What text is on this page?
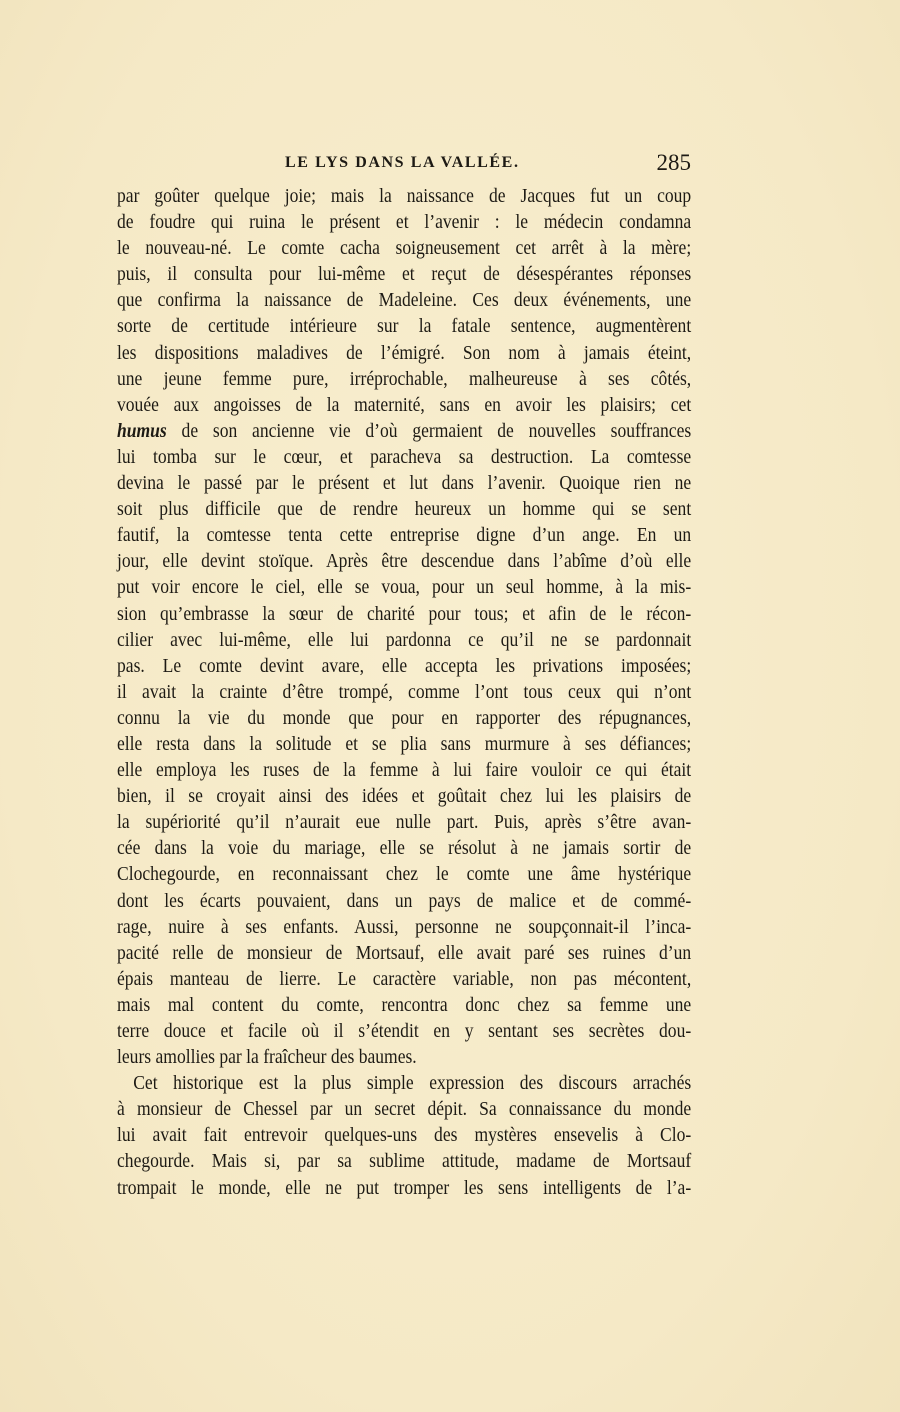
LE LYS DANS LA VALLÉE.	285
par goûter quelque joie; mais la naissance de Jacques fut un coup
de foudre qui ruina le présent et l’avenir : le médecin condamna
le nouveau-né. Le comte cacha soigneusement cet arrêt à la mère;
puis, il consulta pour lui-même et reçut de désespérantes réponses
que confirma la naissance de Madeleine. Ces deux événements, une
sorte de certitude intérieure sur la fatale sentence, augmentèrent
les dispositions maladives de l’émigré. Son nom à jamais éteint,
une jeune femme pure, irréprochable, malheureuse à ses côtés,
vouée aux angoisses de la maternité, sans en avoir les plaisirs; cet
humus de son ancienne vie d’où germaient de nouvelles souffrances
lui tomba sur le cœur, et paracheva sa destruction. La comtesse
devina le passé par le présent et lut dans l’avenir. Quoique rien ne
soit plus difficile que de rendre heureux un homme qui se sent
fautif, la comtesse tenta cette entreprise digne d’un ange. En un
jour, elle devint stoïque. Après être descendue dans l’abîme d’où elle
put voir encore le ciel, elle se voua, pour un seul homme, à la mis-
sion qu’embrasse la sœur de charité pour tous; et afin de le récon-
cilier avec lui-même, elle lui pardonna ce qu’il ne se pardonnait
pas. Le comte devint avare, elle accepta les privations imposées;
il avait la crainte d’être trompé, comme l’ont tous ceux qui n’ont
connu la vie du monde que pour en rapporter des répugnances,
elle resta dans la solitude et se plia sans murmure à ses défiances;
elle employa les ruses de la femme à lui faire vouloir ce qui était
bien, il se croyait ainsi des idées et goûtait chez lui les plaisirs de
la supériorité qu’il n’aurait eue nulle part. Puis, après s’être avan-
cée dans la voie du mariage, elle se résolut à ne jamais sortir de
Clochegourde, en reconnaissant chez le comte une âme hystérique
dont les écarts pouvaient, dans un pays de malice et de commé-
rage, nuire à ses enfants. Aussi, personne ne soupçonnait-il l’inca-
pacité relle de monsieur de Mortsauf, elle avait paré ses ruines d’un
épais manteau de lierre. Le caractère variable, non pas mécontent,
mais mal content du comte, rencontra donc chez sa femme une
terre douce et facile où il s’étendit en y sentant ses secrètes dou-
leurs amollies par la fraîcheur des baumes.
Cet historique est la plus simple expression des discours arrachés
à monsieur de Chessel par un secret dépit. Sa connaissance du monde
lui avait fait entrevoir quelques-uns des mystères ensevelis à Clo-
chegourde. Mais si, par sa sublime attitude, madame de Mortsauf
trompait le monde, elle ne put tromper les sens intelligents de l’a-
